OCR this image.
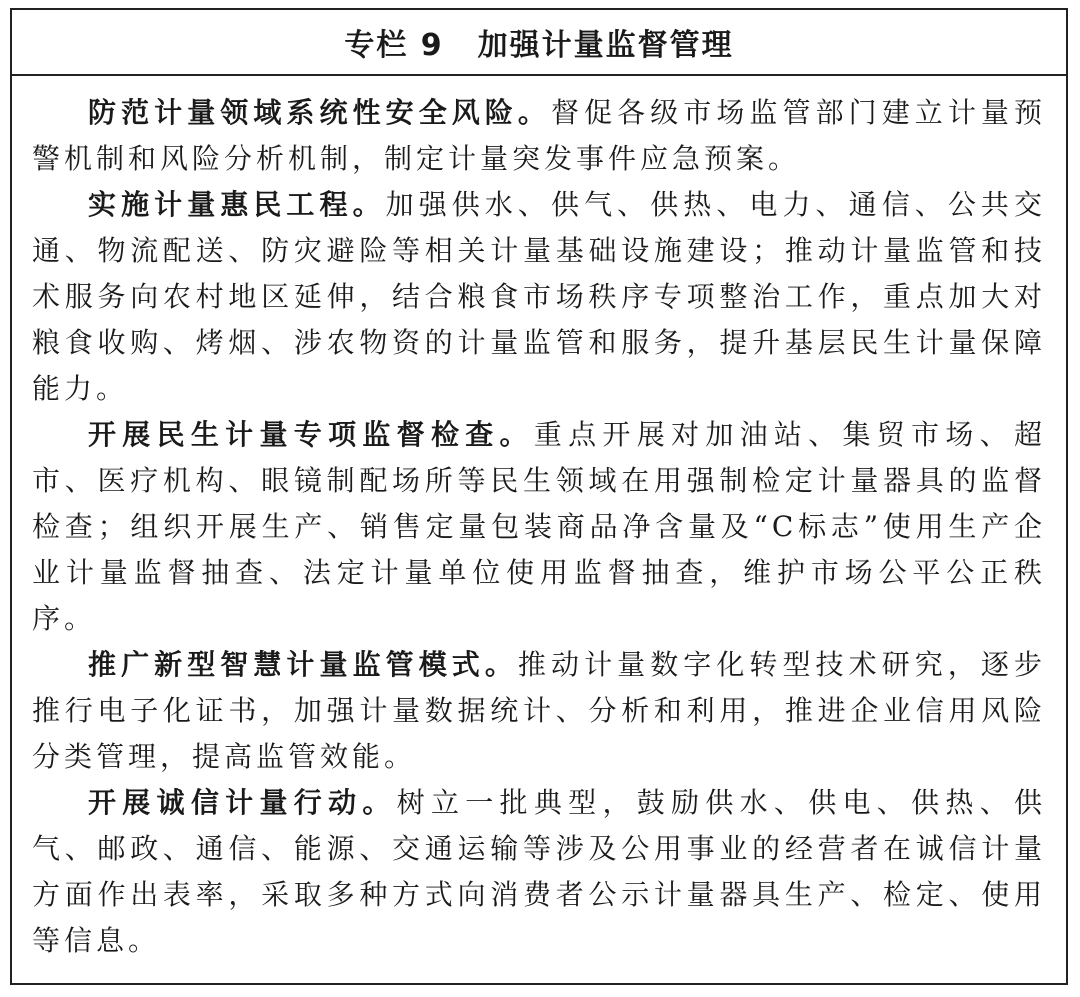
专栏 9 加强计量监督管理

防范计量领域系统性安全风险。督促各级市场监管部门建立计量预警机制和风险分析机制，制定计量突发事件应急预案。

实施计量惠民工程。加强供水、供气、供热、电力、通信、公共交通、物流配送、防灾避险等相关计量基础设施建设；推动计量监管和技术服务向农村地区延伸，结合粮食市场秩序专项整治工作，重点加大对粮食收购、烤烟、涉农物资的计量监管和服务，提升基层民生计量保障能力。

开展民生计量专项监督检查。重点开展对加油站、集贸市场、超市、医疗机构、眼镜制配场所等民生领域在用强制检定计量器具的监督检查；组织开展生产、销售定量包装商品净含量及“C标志”使用生产企业计量监督抽查、法定计量单位使用监督抽查，维护市场公平公正秩序。

推广新型智慧计量监管模式。推动计量数字化转型技术研究，逐步推行电子化证书，加强计量数据统计、分析和利用，推进企业信用风险分类管理，提高监管效能。

开展诚信计量行动。树立一批典型，鼓励供水、供电、供热、供气、邮政、通信、能源、交通运输等涉及公用事业的经营者在诚信计量方面作出表率，采取多种方式向消费者公示计量器具生产、检定、使用等信息。
